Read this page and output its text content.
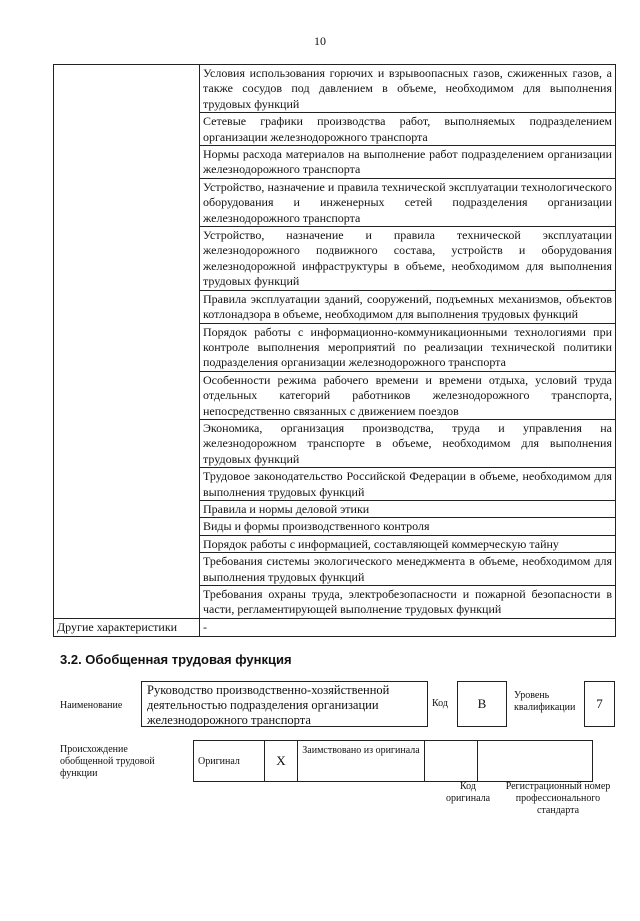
10
	Условия использования горючих и взрывоопасных газов, сжиженных газов, а также сосудов под давлением в объеме, необходимом для выполнения трудовых функций
	Сетевые графики производства работ, выполняемых подразделением организации железнодорожного транспорта
	Нормы расхода материалов на выполнение работ подразделением организации железнодорожного транспорта
	Устройство, назначение и правила технической эксплуатации технологического оборудования и инженерных сетей подразделения организации железнодорожного транспорта
	Устройство, назначение и правила технической эксплуатации железнодорожного подвижного состава, устройств и оборудования железнодорожной инфраструктуры в объеме, необходимом для выполнения трудовых функций
	Правила эксплуатации зданий, сооружений, подъемных механизмов, объектов котлонадзора в объеме, необходимом для выполнения трудовых функций
	Порядок работы с информационно-коммуникационными технологиями при контроле выполнения мероприятий по реализации технической политики подразделения организации железнодорожного транспорта
	Особенности режима рабочего времени и времени отдыха, условий труда отдельных категорий работников железнодорожного транспорта, непосредственно связанных с движением поездов
	Экономика, организация производства, труда и управления на железнодорожном транспорте в объеме, необходимом для выполнения трудовых функций
	Трудовое законодательство Российской Федерации в объеме, необходимом для выполнения трудовых функций
	Правила и нормы деловой этики
	Виды и формы производственного контроля
	Порядок работы с информацией, составляющей коммерческую тайну
	Требования системы экологического менеджмента в объеме, необходимом для выполнения трудовых функций
	Требования охраны труда, электробезопасности и пожарной безопасности в части, регламентирующей выполнение трудовых функций
Другие характеристики	-
3.2. Обобщенная трудовая функция
Наименование
Руководство производственно-хозяйственной деятельностью подразделения организации железнодорожного транспорта
Код	B
Уровень квалификации	7
Происхождение обобщенной трудовой функции
Оригинал	X	Заимствовано из оригинала		
Код оригинала
Регистрационный номер профессионального стандарта
